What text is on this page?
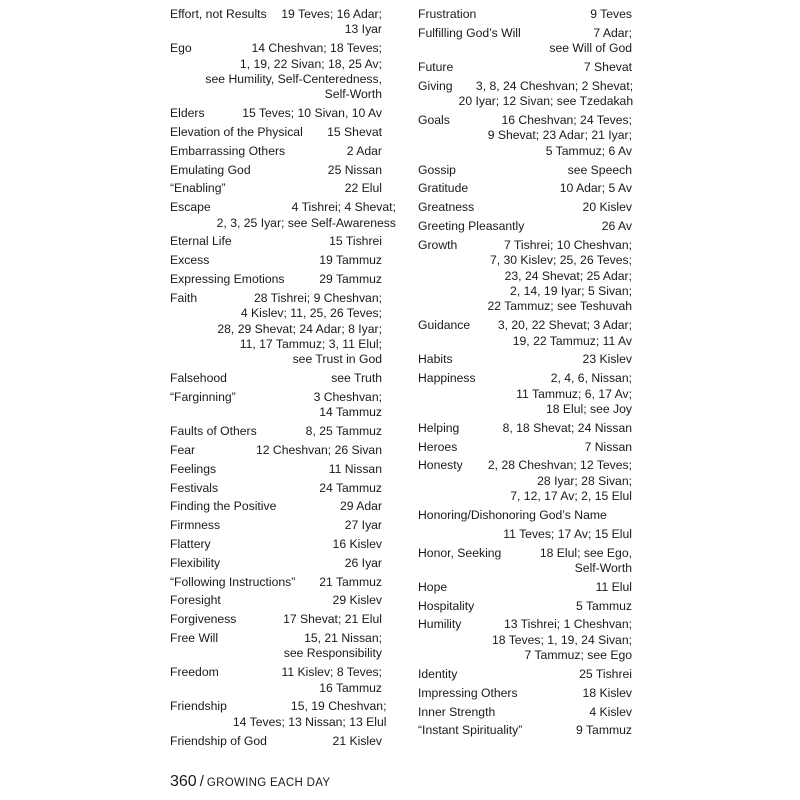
Effort, not Results	19 Teves; 16 Adar;
13 Iyar
Ego	14 Cheshvan; 18 Teves;
1, 19, 22 Sivan; 18, 25 Av;
see Humility, Self-Centeredness,
Self-Worth
Elders	15 Teves; 10 Sivan, 10 Av
Elevation of the Physical	15 Shevat
Embarrassing Others	2 Adar
Emulating God	25 Nissan
“Enabling”	22 Elul
Escape	4 Tishrei; 4 Shevat;
2, 3, 25 Iyar; see Self-Awareness
Eternal Life	15 Tishrei
Excess	19 Tammuz
Expressing Emotions	29 Tammuz
Faith	28 Tishrei; 9 Cheshvan;
4 Kislev; 11, 25, 26 Teves;
28, 29 Shevat; 24 Adar; 8 Iyar;
11, 17 Tammuz; 3, 11 Elul;
see Trust in God
Falsehood	see Truth
“Farginning”	3 Cheshvan;
14 Tammuz
Faults of Others	8, 25 Tammuz
Fear	12 Cheshvan; 26 Sivan
Feelings	11 Nissan
Festivals	24 Tammuz
Finding the Positive	29 Adar
Firmness	27 Iyar
Flattery	16 Kislev
Flexibility	26 Iyar
“Following Instructions”	21 Tammuz
Foresight	29 Kislev
Forgiveness	17 Shevat; 21 Elul
Free Will	15, 21 Nissan;
see Responsibility
Freedom	11 Kislev; 8 Teves;
16 Tammuz
Friendship	15, 19 Cheshvan;
14 Teves; 13 Nissan; 13 Elul
Friendship of God	21 Kislev
Frustration	9 Teves
Fulfilling God’s Will	7 Adar;
see Will of God
Future	7 Shevat
Giving	3, 8, 24 Cheshvan; 2 Shevat;
20 Iyar; 12 Sivan; see Tzedakah
Goals	16 Cheshvan; 24 Teves;
9 Shevat; 23 Adar; 21 Iyar;
5 Tammuz; 6 Av
Gossip	see Speech
Gratitude	10 Adar; 5 Av
Greatness	20 Kislev
Greeting Pleasantly	26 Av
Growth	7 Tishrei; 10 Cheshvan;
7, 30 Kislev; 25, 26 Teves;
23, 24 Shevat; 25 Adar;
2, 14, 19 Iyar; 5 Sivan;
22 Tammuz; see Teshuvah
Guidance	3, 20, 22 Shevat; 3 Adar;
19, 22 Tammuz; 11 Av
Habits	23 Kislev
Happiness	2, 4, 6, Nissan;
11 Tammuz; 6, 17 Av;
18 Elul; see Joy
Helping	8, 18 Shevat; 24 Nissan
Heroes	7 Nissan
Honesty	2, 28 Cheshvan; 12 Teves;
28 Iyar; 28 Sivan;
7, 12, 17 Av; 2, 15 Elul
Honoring/Dishonoring God’s Name
11 Teves; 17 Av; 15 Elul
Honor, Seeking	18 Elul; see Ego,
Self-Worth
Hope	11 Elul
Hospitality	5 Tammuz
Humility	13 Tishrei; 1 Cheshvan;
18 Teves; 1, 19, 24 Sivan;
7 Tammuz; see Ego
Identity	25 Tishrei
Impressing Others	18 Kislev
Inner Strength	4 Kislev
“Instant Spirituality”	9 Tammuz
360 / GROWING EACH DAY
